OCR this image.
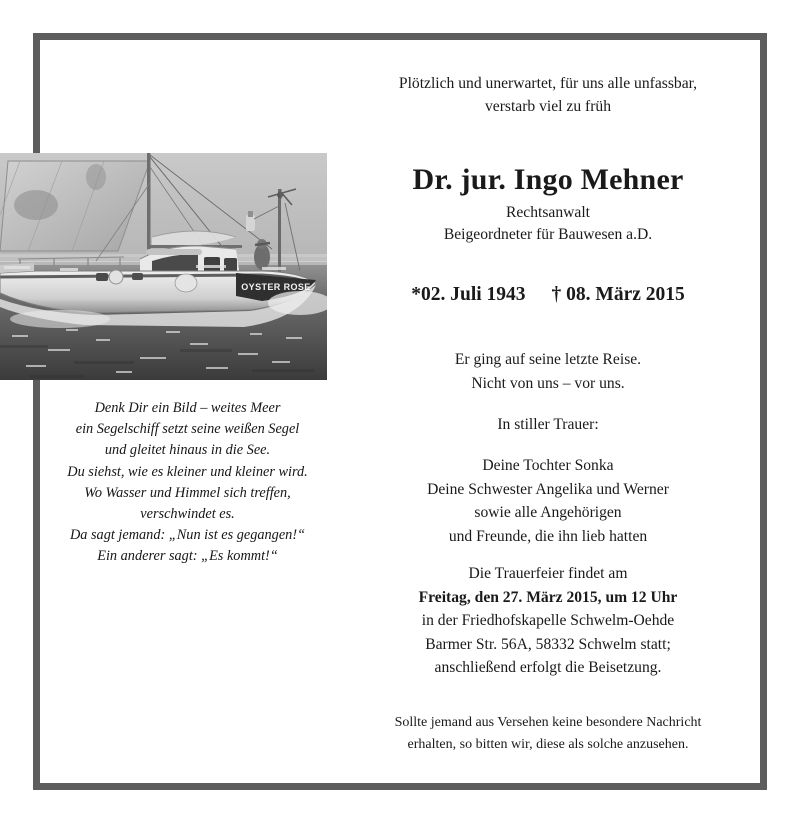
OYSTER ROSE
Denk Dir ein Bild – weites Meer
ein Segelschiff setzt seine weißen Segel
und gleitet hinaus in die See.
Du siehst, wie es kleiner und kleiner wird.
Wo Wasser und Himmel sich treffen,
verschwindet es.
Da sagt jemand: „Nun ist es gegangen!“
Ein anderer sagt: „Es kommt!“
Plötzlich und unerwartet, für uns alle unfassbar,
verstarb viel zu früh
Dr. jur. Ingo Mehner
Rechtsanwalt
Beigeordneter für Bauwesen a.D.
*02. Juli 1943 † 08. März 2015
Er ging auf seine letzte Reise.
Nicht von uns – vor uns.
In stiller Trauer:
Deine Tochter Sonka
Deine Schwester Angelika und Werner
sowie alle Angehörigen
und Freunde, die ihn lieb hatten
Die Trauerfeier findet am
Freitag, den 27. März 2015, um 12 Uhr
in der Friedhofskapelle Schwelm-Oehde
Barmer Str. 56A, 58332 Schwelm statt;
anschließend erfolgt die Beisetzung.
Sollte jemand aus Versehen keine besondere Nachricht
erhalten, so bitten wir, diese als solche anzusehen.
